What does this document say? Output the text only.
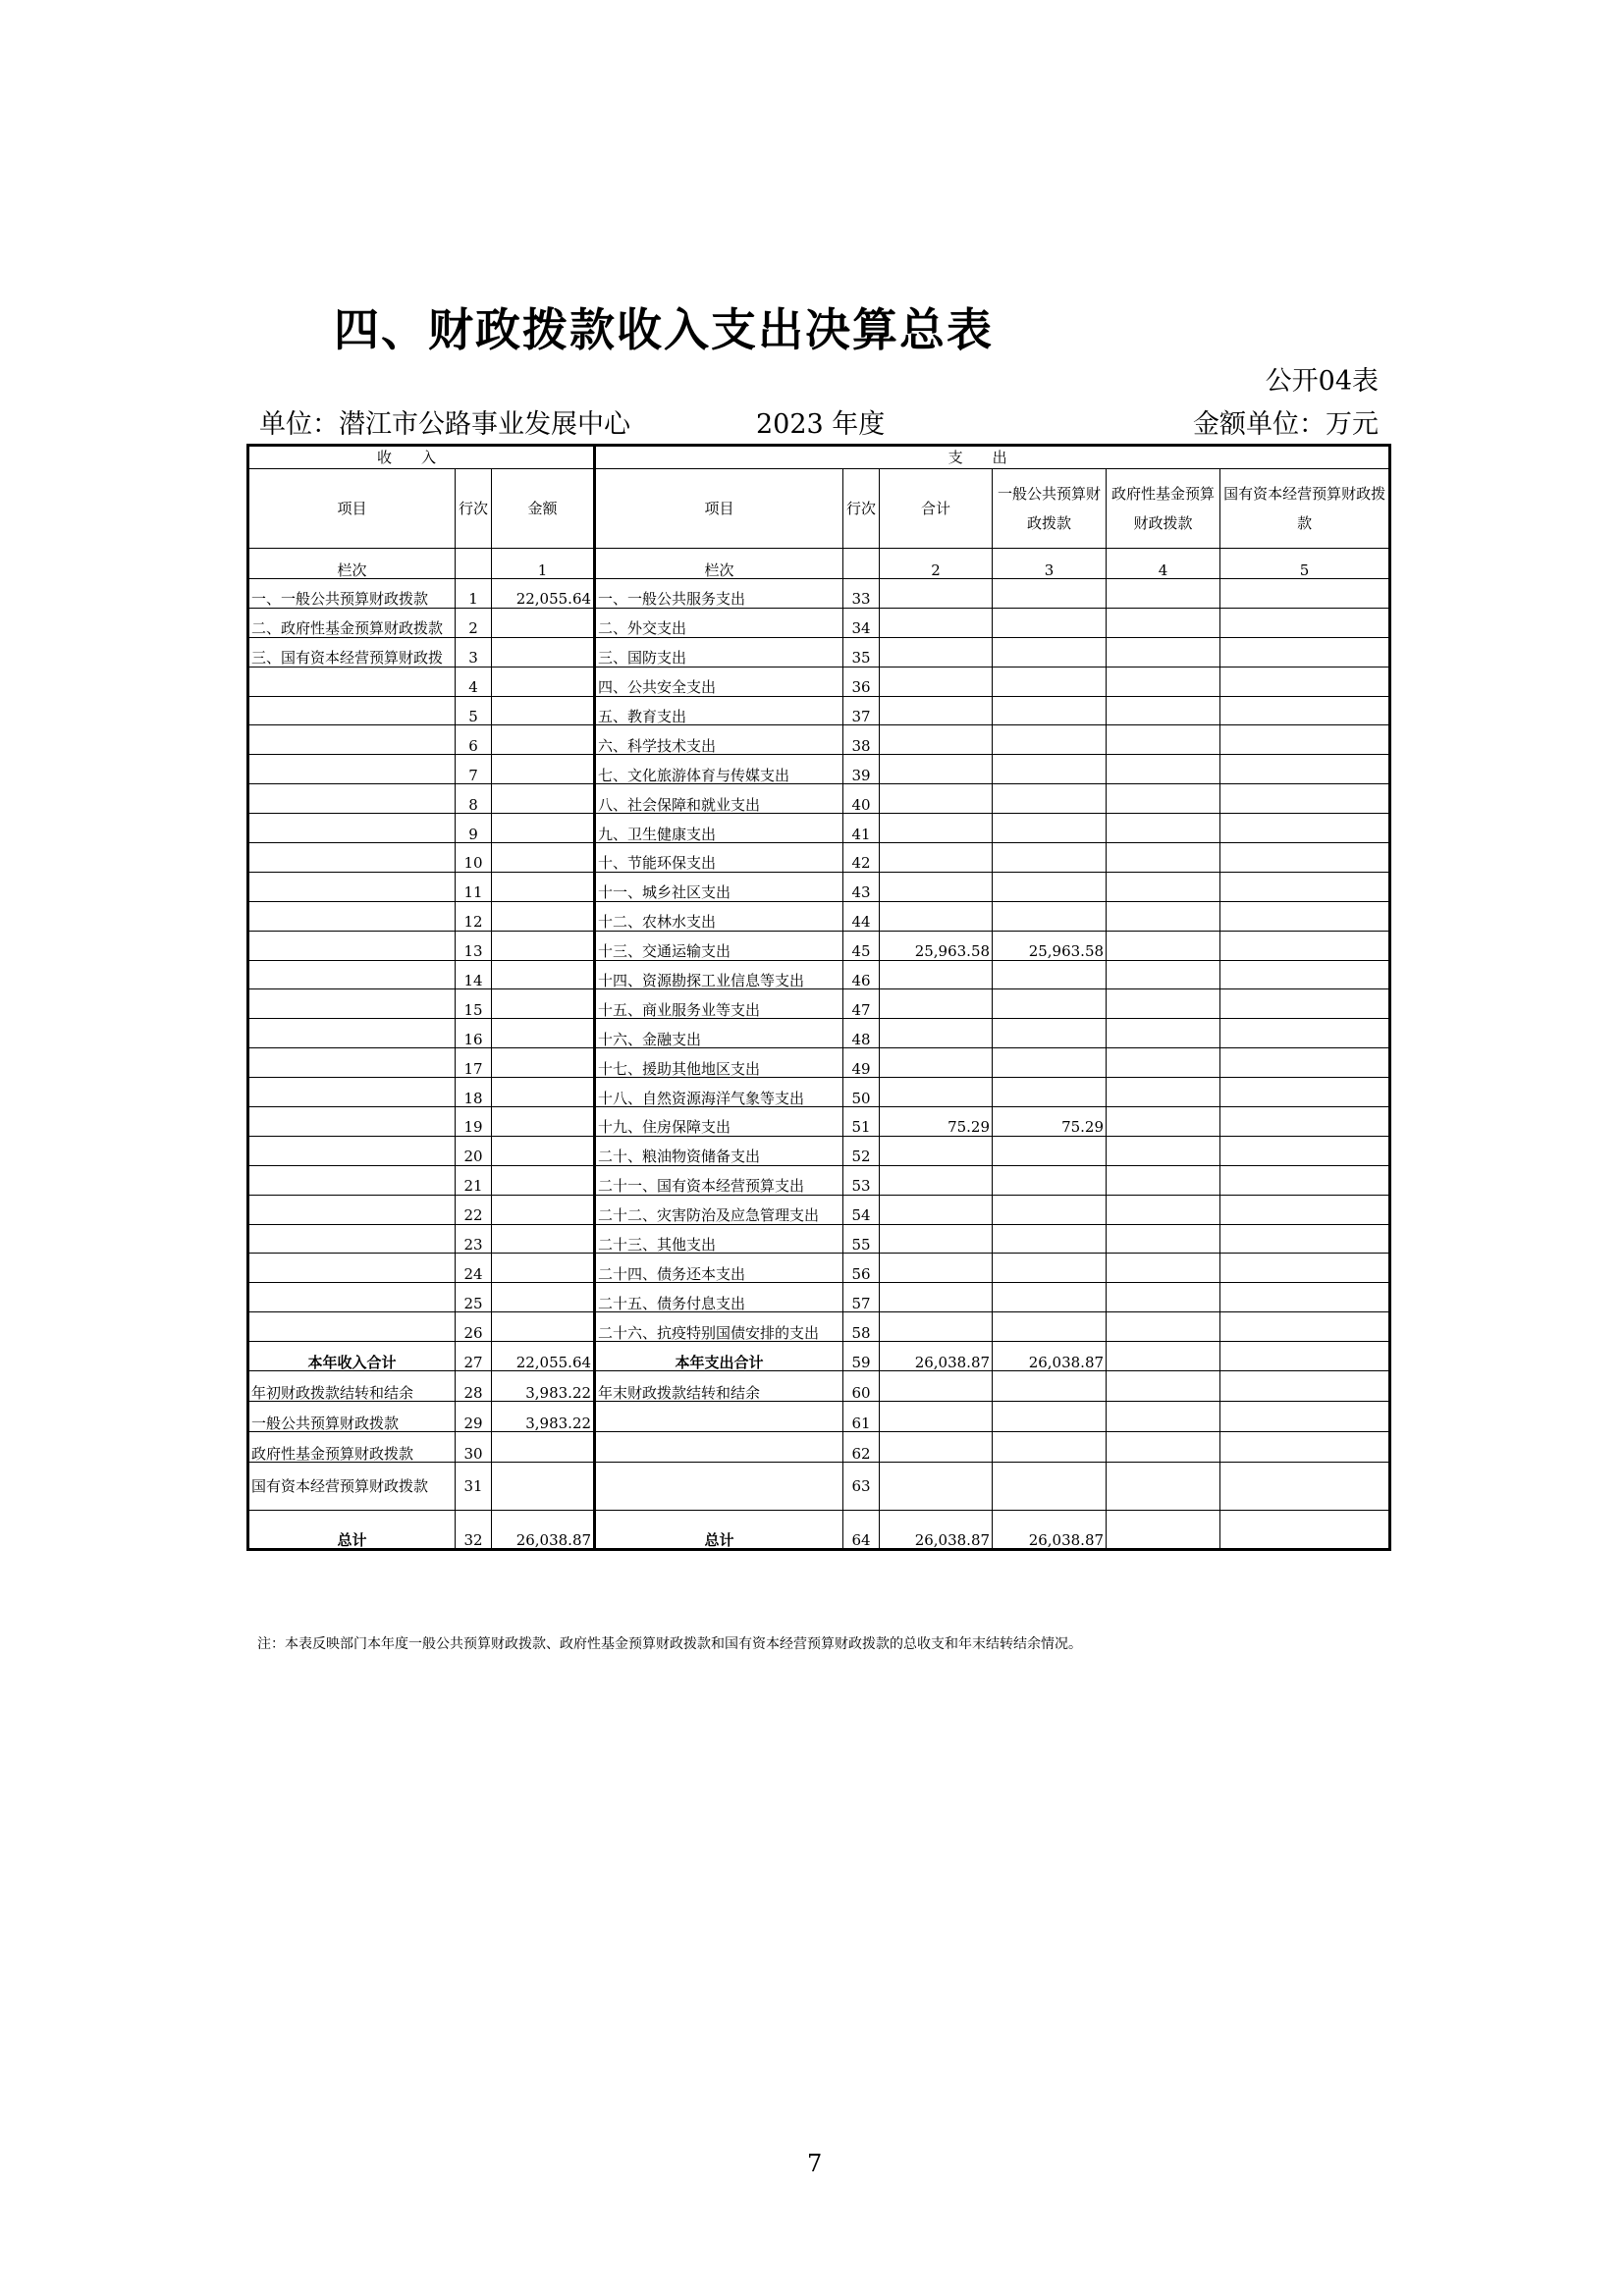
四、财政拨款收入支出决算总表
公开04表
单位：潜江市公路事业发展中心	2023 年度	金额单位：万元
收入			支出					
项目	行次	金额	项目	行次	合计	一般公共预算财政拨款	政府性基金预算财政拨款	国有资本经营预算财政拨款
栏次		1	栏次		2	3	4	5
一、一般公共预算财政拨款	1	22,055.64	一、一般公共服务支出	33				
二、政府性基金预算财政拨款	2		二、外交支出	34				
三、国有资本经营预算财政拨	3		三、国防支出	35				
	4		四、公共安全支出	36				
	5		五、教育支出	37				
	6		六、科学技术支出	38				
	7		七、文化旅游体育与传媒支出	39				
	8		八、社会保障和就业支出	40				
	9		九、卫生健康支出	41				
	10		十、节能环保支出	42				
	11		十一、城乡社区支出	43				
	12		十二、农林水支出	44				
	13		十三、交通运输支出	45	25,963.58	25,963.58		
	14		十四、资源勘探工业信息等支出	46				
	15		十五、商业服务业等支出	47				
	16		十六、金融支出	48				
	17		十七、援助其他地区支出	49				
	18		十八、自然资源海洋气象等支出	50				
	19		十九、住房保障支出	51	75.29	75.29		
	20		二十、粮油物资储备支出	52				
	21		二十一、国有资本经营预算支出	53				
	22		二十二、灾害防治及应急管理支出	54				
	23		二十三、其他支出	55				
	24		二十四、债务还本支出	56				
	25		二十五、债务付息支出	57				
	26		二十六、抗疫特别国债安排的支出	58				
本年收入合计	27	22,055.64	本年支出合计	59	26,038.87	26,038.87		
年初财政拨款结转和结余	28	3,983.22	年末财政拨款结转和结余	60				
一般公共预算财政拨款	29	3,983.22		61				
政府性基金预算财政拨款	30			62				
国有资本经营预算财政拨款	31			63				
总计	32	26,038.87	总计	64	26,038.87	26,038.87		
注：本表反映部门本年度一般公共预算财政拨款、政府性基金预算财政拨款和国有资本经营预算财政拨款的总收支和年末结转结余情况。
7
